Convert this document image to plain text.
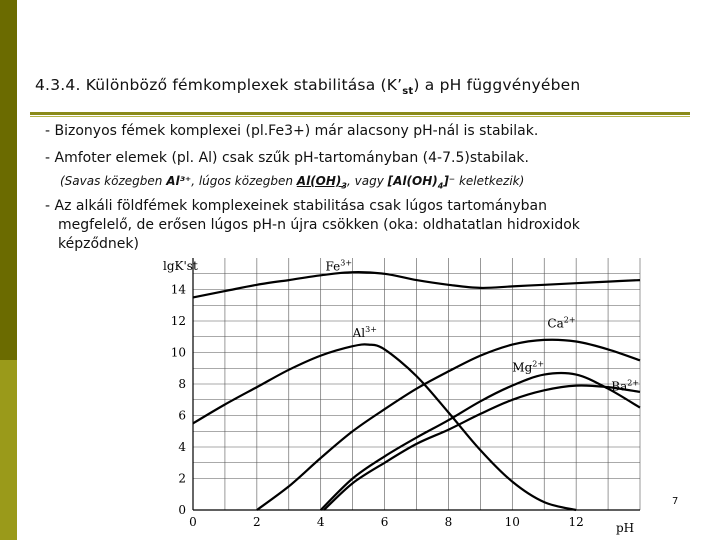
4.3.4. Különböző fémkomplexek stabilitása $(K’_{st})$ a pH függvényében
- Bizonyos fémek komplexei (pl.Fe3+) már alacsony pH-nál is stabilak.
- Amfoter elemek (pl. Al) csak szűk pH-tartományban (4-7.5)stabilak.
(Savas közegben Al³⁺, lúgos közegben $Al(OH)_3$, vagy $[Al(OH)_4]^-$ keletkezik)
- Az alkáli földfémek komplexeinek stabilitása csak lúgos tartományban
megfelelő, de erősen lúgos pH-n újra csökken (oka: oldhatatlan hidroxidok
képződnek)
0
2
4
6
8
10
12
14
0	2	4	6	8	10	12
lgK'st
pH
$Fe^{3+}$
$Al^{3+}$	$Ca^{2+}$
$Mg^{2+}$
$Ba^{2+}$
7
